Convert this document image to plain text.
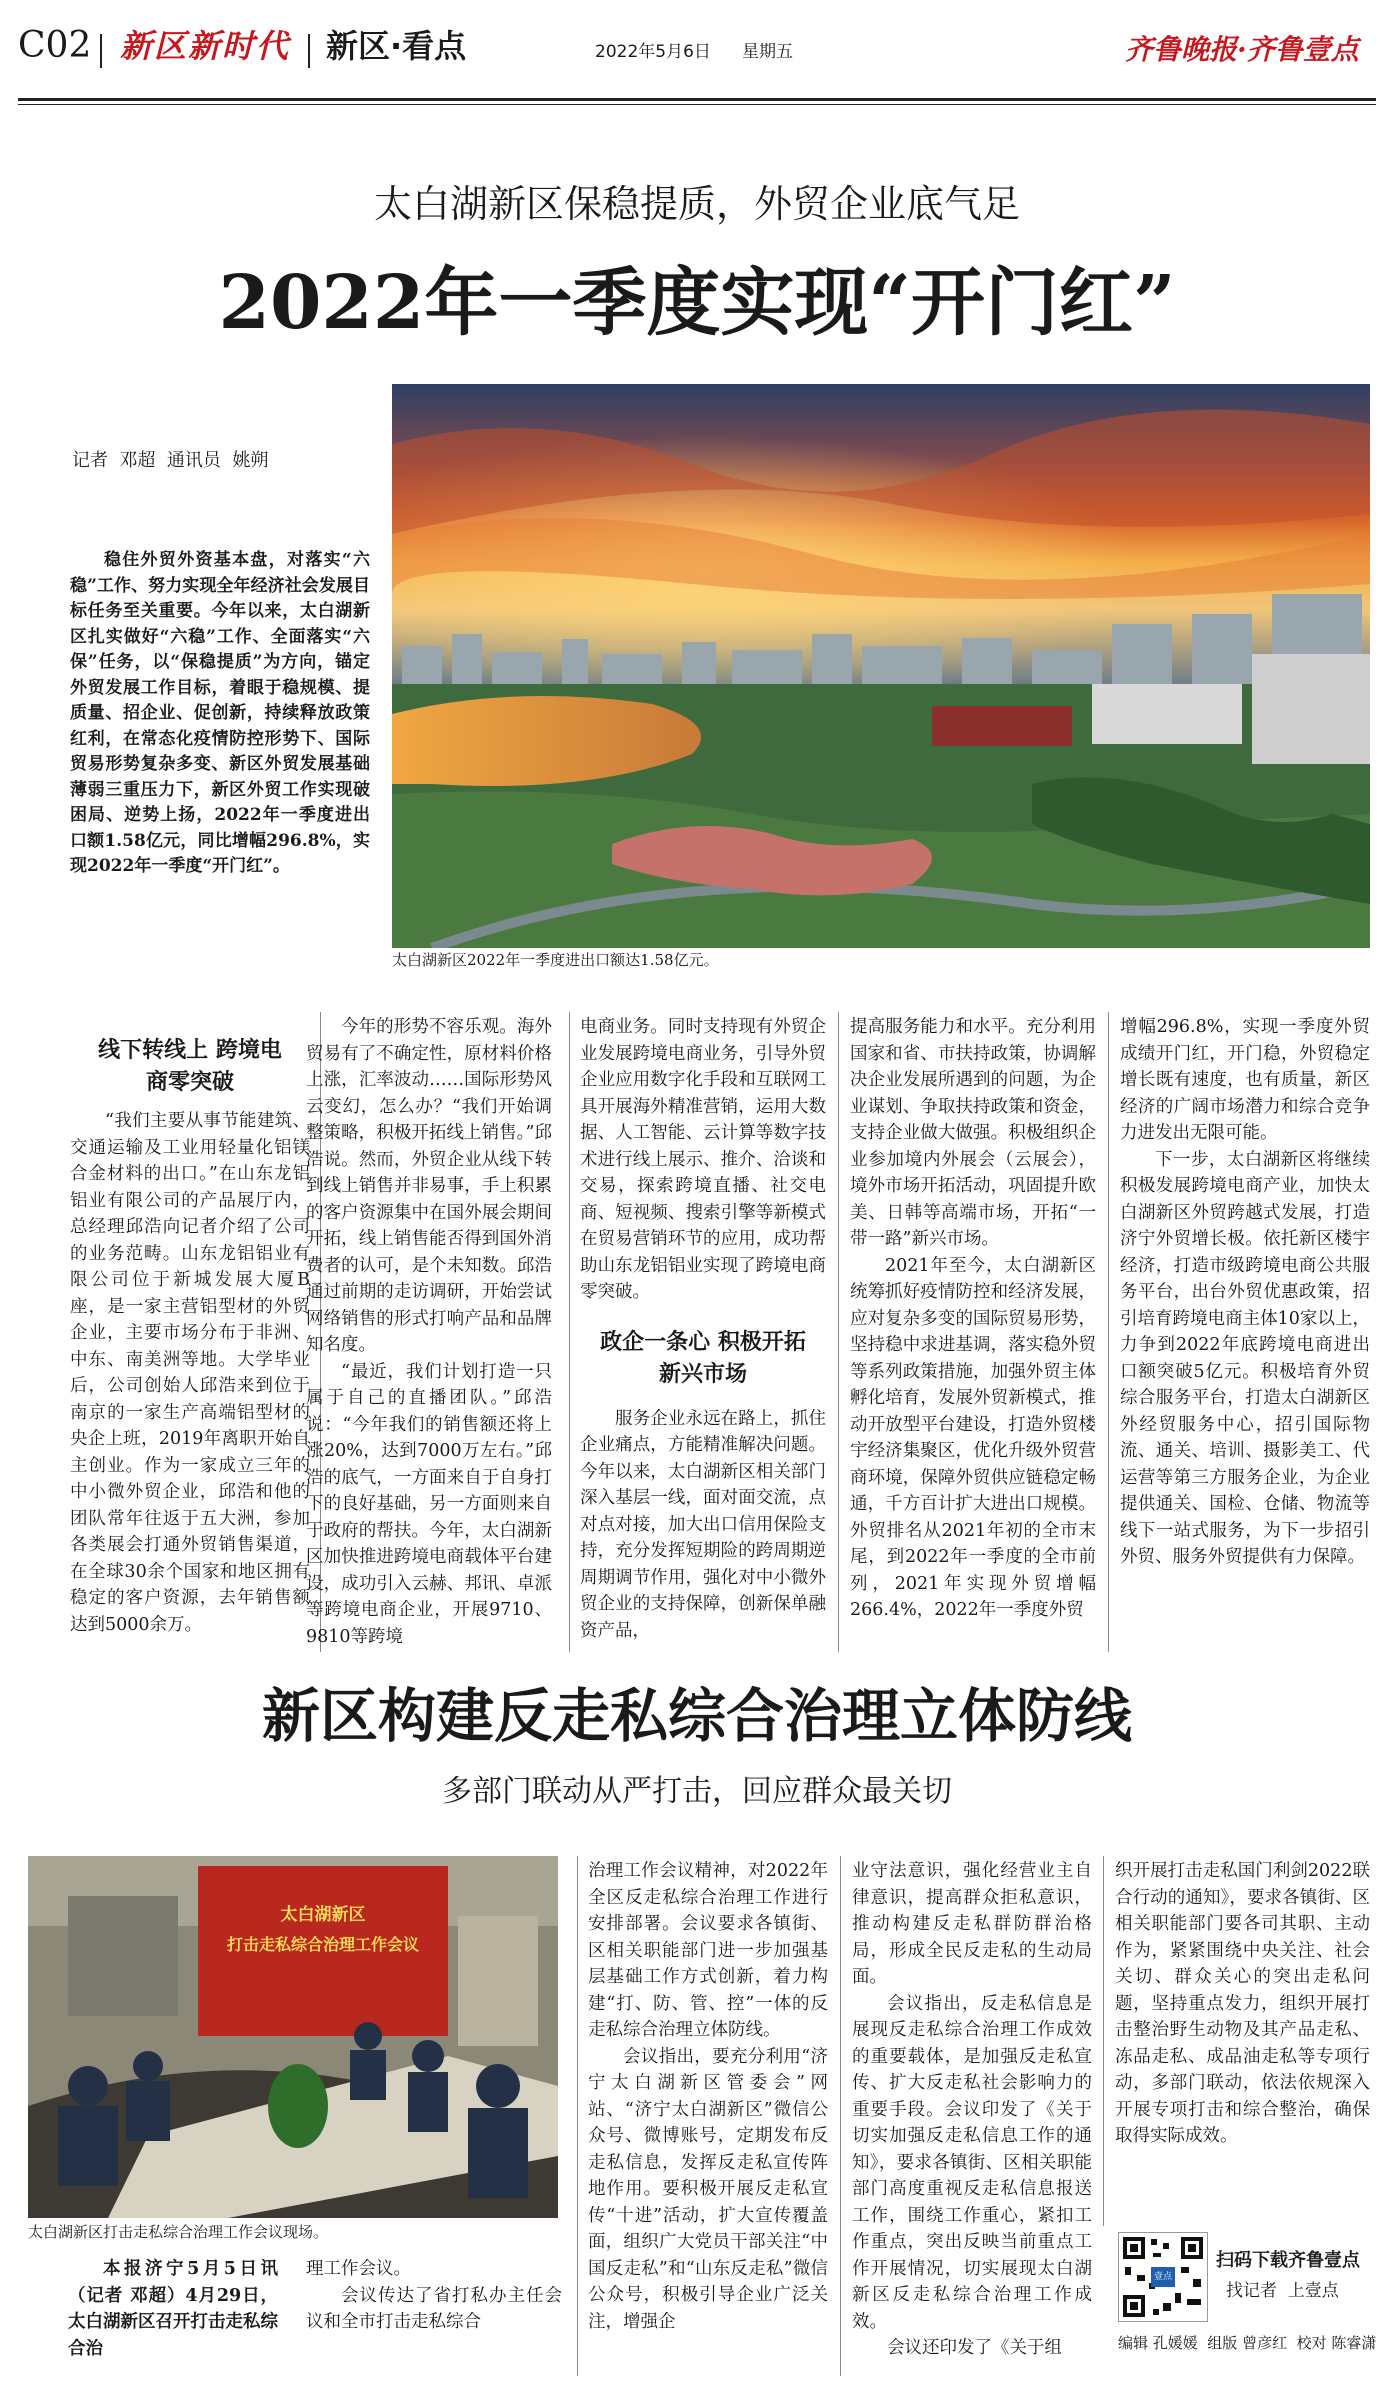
C02 新区新时代 新区·看点	2022年5月6日 星期五	齐鲁晚报·齐鲁壹点
太白湖新区保稳提质，外贸企业底气足
2022年一季度实现“开门红”
记者  邓超  通讯员  姚朔

稳住外贸外资基本盘，对落实“六稳”工作、努力实现全年经济社会发展目标任务至关重要。今年以来，太白湖新区扎实做好“六稳”工作、全面落实“六保”任务，以“保稳提质”为方向，锚定外贸发展工作目标，着眼于稳规模、提质量、招企业、促创新，持续释放政策红利，在常态化疫情防控形势下、国际贸易形势复杂多变、新区外贸发展基础薄弱三重压力下，新区外贸工作实现破困局、逆势上扬，2022年一季度进出口额1.58亿元，同比增幅296.8%，实现2022年一季度“开门红”。

太白湖新区2022年一季度进出口额达1.58亿元。
线下转线上 跨境电商零突破

“我们主要从事节能建筑、交通运输及工业用轻量化铝镁合金材料的出口。”在山东龙铝铝业有限公司的产品展厅内，总经理邱浩向记者介绍了公司的业务范畴。山东龙铝铝业有限公司位于新城发展大厦B座，是一家主营铝型材的外贸企业，主要市场分布于非洲、中东、南美洲等地。大学毕业后，公司创始人邱浩来到位于南京的一家生产高端铝型材的央企上班，2019年离职开始自主创业。作为一家成立三年的中小微外贸企业，邱浩和他的团队常年往返于五大洲，参加各类展会打通外贸销售渠道，在全球30余个国家和地区拥有稳定的客户资源，去年销售额达到5000余万。

今年的形势不容乐观。海外贸易有了不确定性，原材料价格上涨，汇率波动……国际形势风云变幻，怎么办？“我们开始调整策略，积极开拓线上销售。”邱浩说。然而，外贸企业从线下转到线上销售并非易事，手上积累的客户资源集中在国外展会期间开拓，线上销售能否得到国外消费者的认可，是个未知数。邱浩通过前期的走访调研，开始尝试网络销售的形式打响产品和品牌知名度。

“最近，我们计划打造一只属于自己的直播团队。”邱浩说：“今年我们的销售额还将上涨20%，达到7000万左右。”邱浩的底气，一方面来自于自身打下的良好基础，另一方面则来自于政府的帮扶。今年，太白湖新区加快推进跨境电商载体平台建设，成功引入云赫、邦讯、卓派等跨境电商企业，开展9710、9810等跨境

电商业务。同时支持现有外贸企业发展跨境电商业务，引导外贸企业应用数字化手段和互联网工具开展海外精准营销，运用大数据、人工智能、云计算等数字技术进行线上展示、推介、洽谈和交易，探索跨境直播、社交电商、短视频、搜索引擎等新模式在贸易营销环节的应用，成功帮助山东龙铝铝业实现了跨境电商零突破。

政企一条心 积极开拓新兴市场

服务企业永远在路上，抓住企业痛点，方能精准解决问题。今年以来，太白湖新区相关部门深入基层一线，面对面交流，点对点对接，加大出口信用保险支持，充分发挥短期险的跨周期逆周期调节作用，强化对中小微外贸企业的支持保障，创新保单融资产品，

提高服务能力和水平。充分利用国家和省、市扶持政策，协调解决企业发展所遇到的问题，为企业谋划、争取扶持政策和资金，支持企业做大做强。积极组织企业参加境内外展会（云展会），境外市场开拓活动，巩固提升欧美、日韩等高端市场，开拓“一带一路”新兴市场。

2021年至今，太白湖新区统筹抓好疫情防控和经济发展，应对复杂多变的国际贸易形势，坚持稳中求进基调，落实稳外贸等系列政策措施，加强外贸主体孵化培育，发展外贸新模式，推动开放型平台建设，打造外贸楼宇经济集聚区，优化升级外贸营商环境，保障外贸供应链稳定畅通，千方百计扩大进出口规模。外贸排名从2021年初的全市末尾，到2022年一季度的全市前列，2021年实现外贸增幅266.4%，2022年一季度外贸

增幅296.8%，实现一季度外贸成绩开门红，开门稳，外贸稳定增长既有速度，也有质量，新区经济的广阔市场潜力和综合竞争力进发出无限可能。

下一步，太白湖新区将继续积极发展跨境电商产业，加快太白湖新区外贸跨越式发展，打造济宁外贸增长极。依托新区楼宇经济，打造市级跨境电商公共服务平台，出台外贸优惠政策，招引培育跨境电商主体10家以上，力争到2022年底跨境电商进出口额突破5亿元。积极培育外贸综合服务平台，打造太白湖新区外经贸服务中心，招引国际物流、通关、培训、摄影美工、代运营等第三方服务企业，为企业提供通关、国检、仓储、物流等线下一站式服务，为下一步招引外贸、服务外贸提供有力保障。

新区构建反走私综合治理立体防线
多部门联动从严打击，回应群众最关切
太白湖新区
打击走私综合治理工作会议
太白湖新区打击走私综合治理工作会议现场。

本报济宁5月5日讯（记者 邓超）4月29日，太白湖新区召开打击走私综合治

理工作会议。

会议传达了省打私办主任会议和全市打击走私综合

治理工作会议精神，对2022年全区反走私综合治理工作进行安排部署。会议要求各镇街、区相关职能部门进一步加强基层基础工作方式创新，着力构建“打、防、管、控”一体的反走私综合治理立体防线。

会议指出，要充分利用“济宁太白湖新区管委会”网站、“济宁太白湖新区”微信公众号、微博账号，定期发布反走私信息，发挥反走私宣传阵地作用。要积极开展反走私宣传“十进”活动，扩大宣传覆盖面，组织广大党员干部关注“中国反走私”和“山东反走私”微信公众号，积极引导企业广泛关注，增强企

业守法意识，强化经营业主自律意识，提高群众拒私意识，推动构建反走私群防群治格局，形成全民反走私的生动局面。

会议指出，反走私信息是展现反走私综合治理工作成效的重要载体，是加强反走私宣传、扩大反走私社会影响力的重要手段。会议印发了《关于切实加强反走私信息工作的通知》，要求各镇街、区相关职能部门高度重视反走私信息报送工作，围绕工作重心，紧扣工作重点，突出反映当前重点工作开展情况，切实展现太白湖新区反走私综合治理工作成效。

会议还印发了《关于组

织开展打击走私国门利剑2022联合行动的通知》，要求各镇街、区相关职能部门要各司其职、主动作为，紧紧围绕中央关注、社会关切、群众关心的突出走私问题，坚持重点发力，组织开展打击整治野生动物及其产品走私、冻品走私、成品油走私等专项行动，多部门联动，依法依规深入开展专项打击和综合整治，确保取得实际成效。

壹点
扫码下载齐鲁壹点
找记者  上壹点
编辑 孔媛媛  组版 曾彦红  校对 陈睿潇
